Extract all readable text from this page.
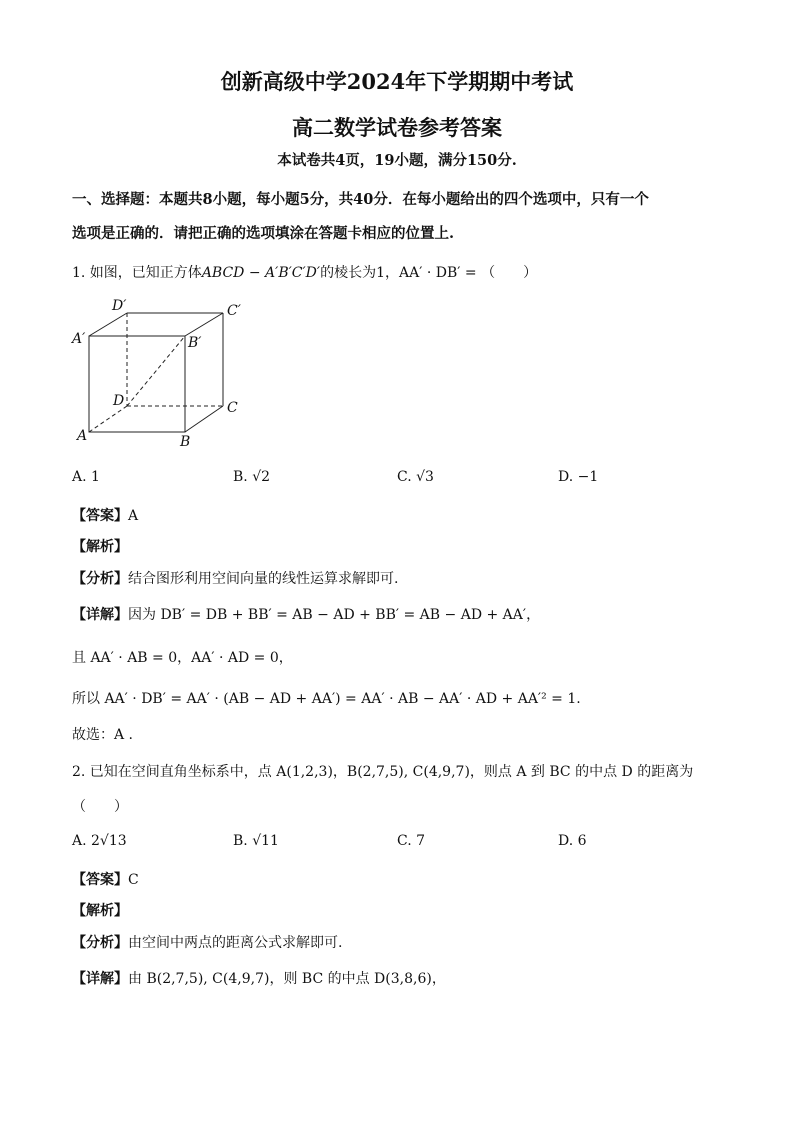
创新高级中学2024年下学期期中考试
高二数学试卷参考答案
本试卷共4页，19小题，满分150分.
一、选择题：本题共8小题，每小题5分，共40分．在每小题给出的四个选项中，只有一个
选项是正确的．请把正确的选项填涂在答题卡相应的位置上.
1. 如图，已知正方体ABCD − A′B′C′D′的棱长为1，AA′ · DB′ = （　　）
D′	C′
A′	B′
D	C
A	B
A. 1	B. √2	C. √3	D. −1
【答案】A
【解析】
【分析】结合图形利用空间向量的线性运算求解即可.
【详解】因为 DB′ = DB + BB′ = AB − AD + BB′ = AB − AD + AA′，
且 AA′ · AB = 0，AA′ · AD = 0，
所以 AA′ · DB′ = AA′ · (AB − AD + AA′) = AA′ · AB − AA′ · AD + AA′² = 1.
故选：A .
2. 已知在空间直角坐标系中，点 A(1,2,3)，B(2,7,5), C(4,9,7)，则点 A 到 BC 的中点 D 的距离为
（　　）
A. 2√13	B. √11	C. 7	D. 6
【答案】C
【解析】
【分析】由空间中两点的距离公式求解即可.
【详解】由 B(2,7,5), C(4,9,7)，则 BC 的中点 D(3,8,6)，
